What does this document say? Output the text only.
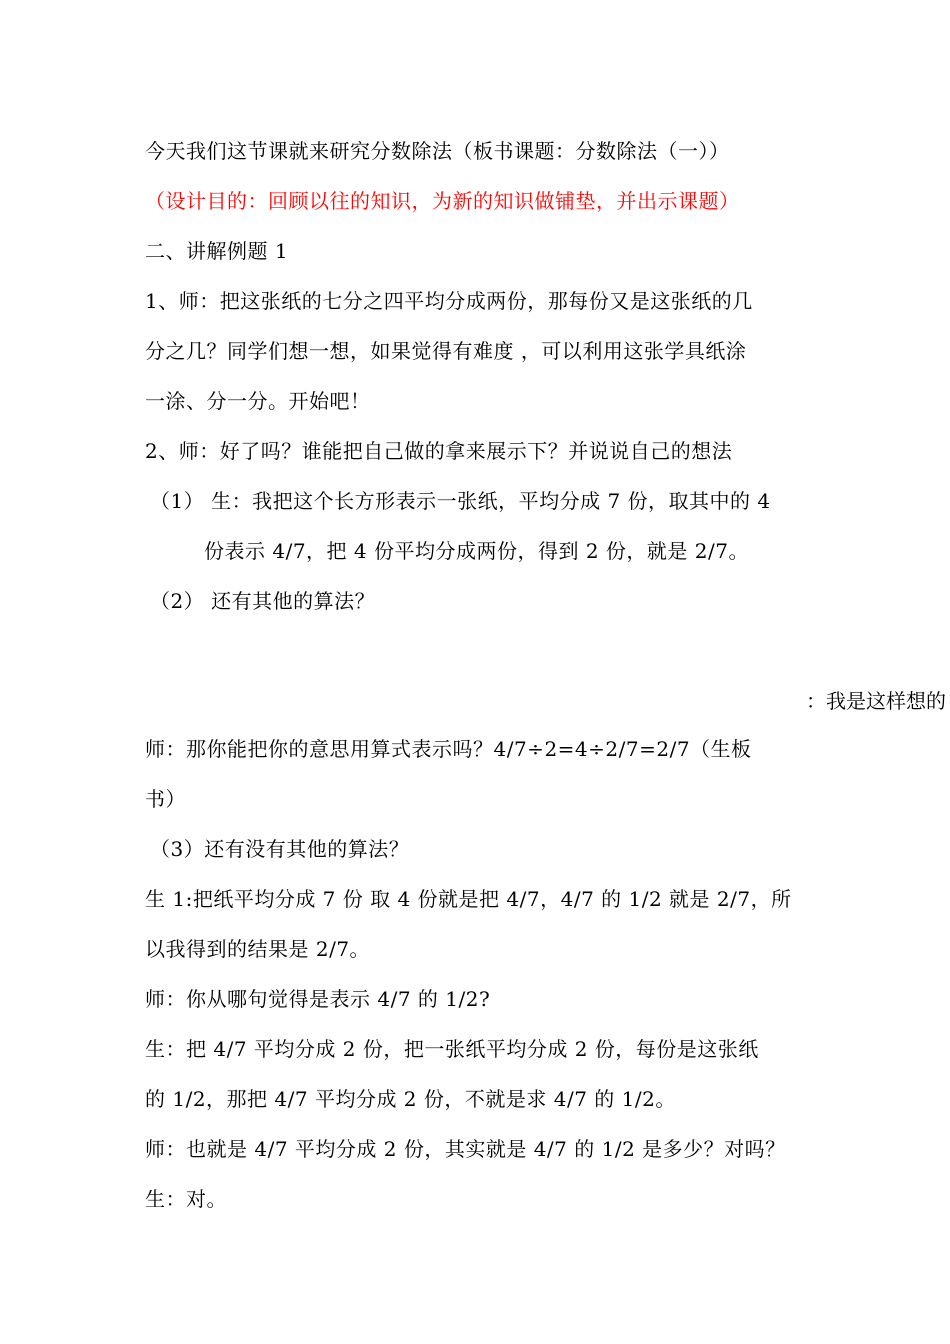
今天我们这节课就来研究分数除法（板书课题：分数除法（一））
（设计目的：回顾以往的知识，为新的知识做铺垫，并出示课题）
二、讲解例题 1
1、师：把这张纸的七分之四平均分成两份，那每份又是这张纸的几
分之几？同学们想一想，如果觉得有难度 ，可以利用这张学具纸涂
一涂、分一分。开始吧！
2、师：好了吗？谁能把自己做的拿来展示下？并说说自己的想法
（1） 生：我把这个长方形表示一张纸，平均分成 7 份，取其中的 4
份表示 4/7，把 4 份平均分成两份，得到 2 份，就是 2/7。
（2） 还有其他的算法？
：我是这样想的
师：那你能把你的意思用算式表示吗？4/7÷2=4÷2/7=2/7（生板
书）
（3）还有没有其他的算法？
生 1:把纸平均分成 7 份 取 4 份就是把 4/7，4/7 的 1/2 就是 2/7，所
以我得到的结果是 2/7。
师：你从哪句觉得是表示 4/7 的 1/2?
生：把 4/7 平均分成 2 份，把一张纸平均分成 2 份，每份是这张纸
的 1/2，那把 4/7 平均分成 2 份，不就是求 4/7 的 1/2。
师：也就是 4/7 平均分成 2 份，其实就是 4/7 的 1/2 是多少？对吗？
生：对。
